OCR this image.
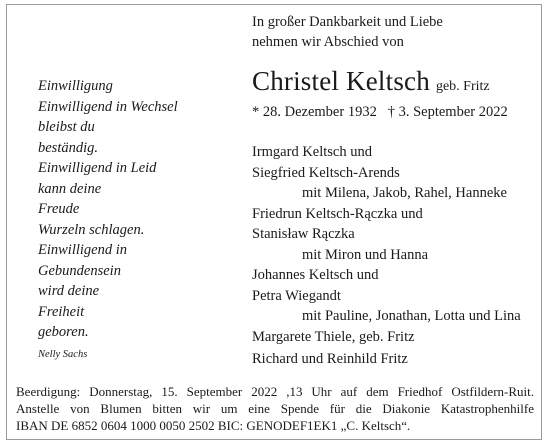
In großer Dankbarkeit und Liebe
nehmen wir Abschied von
Christel Keltsch geb. Fritz
* 28. Dezember 1932   † 3. September 2022
Einwilligung
Einwilligend in Wechsel
bleibst du
beständig.
Einwilligend in Leid
kann deine
Freude
Wurzeln schlagen.
Einwilligend in
Gebundensein
wird deine
Freiheit
geboren.
Nelly Sachs
Irmgard Keltsch und
Siegfried Keltsch-Arends
mit Milena, Jakob, Rahel, Hanneke
Friedrun Keltsch-Rączka und
Stanisław Rączka
mit Miron und Hanna
Johannes Keltsch und
Petra Wiegandt
mit Pauline, Jonathan, Lotta und Lina
Margarete Thiele, geb. Fritz
Richard und Reinhild Fritz
Beerdigung: Donnerstag, 15. September 2022 ,13 Uhr auf dem Friedhof Ostfildern-Ruit.
Anstelle von Blumen bitten wir um eine Spende für die Diakonie Katastrophenhilfe
IBAN DE 6852 0604 1000 0050 2502 BIC: GENODEF1EK1 „C. Keltsch“.
